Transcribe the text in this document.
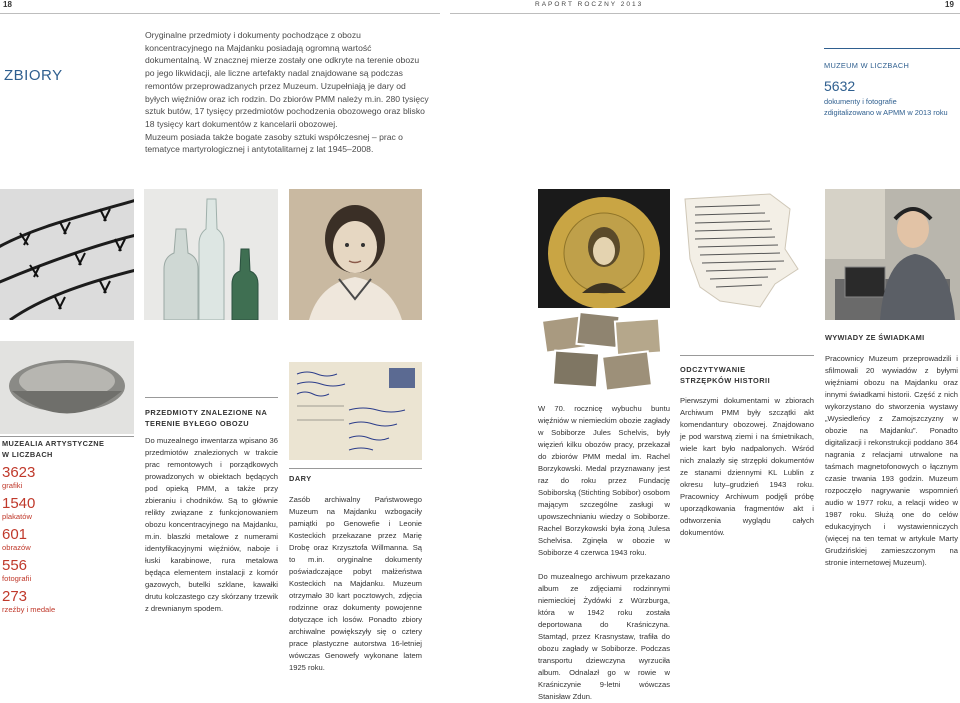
18	RAPORT ROCZNY 2013	19
ZBIORY

Oryginalne przedmioty i dokumenty pochodzące z obozu koncentracyjnego na Majdanku posiadają ogromną wartość dokumentalną. W znacznej mierze zostały one odkryte na terenie obozu po jego likwidacji, ale liczne artefakty nadal znajdowane są podczas remontów przeprowadzanych przez Muzeum. Uzupełniają je dary od byłych więźniów oraz ich rodzin. Do zbiorów PMM należy m.in. 280 tysięcy sztuk butów, 17 tysięcy przedmiotów pochodzenia obozowego oraz blisko 18 tysięcy kart dokumentów z kancelarii obozowej.

Muzeum posiada także bogate zasoby sztuki współczesnej – prac o tematyce martyrologicznej i antytotalitarnej z lat 1945–2008.

MUZEUM W LICZBACH
5632
dokumenty i fotografie
zdigitalizowano w APMM w 2013 roku
WYWIADY ZE ŚWIADKAMI
MUZEALIA ARTYSTYCZNE
W LICZBACH
3623
grafiki
1540
plakatów
601
obrazów
556
fotografii
273
rzeźby i medale
PRZEDMIOTY ZNALEZIONE NA
TERENIE BYŁEGO OBOZU
Do muzealnego inwentarza wpisano 36 przedmiotów znalezionych w trakcie prac remontowych i porządkowych prowadzonych w obiektach będących pod opieką PMM, a także przy zbieraniu i chodników. Są to głównie relikty związane z funkcjonowaniem obozu koncentracyjnego na Majdanku, m.in. blaszki metalowe z numerami identyfikacyjnymi więźniów, naboje i łuski karabinowe, rura metalowa będąca elementem instalacji z komór gazowych, butelki szklane, kawałki drutu kolczastego czy skórzany trzewik z drewnianym spodem.
DARY
Zasób archiwalny Państwowego Muzeum na Majdanku wzbogaciły pamiątki po Genowefie i Leonie Kosteckich przekazane przez Marię Drobę oraz Krzysztofa Willmanna. Są to m.in. oryginalne dokumenty poświadczające pobyt małżeństwa Kosteckich na Majdanku. Muzeum otrzymało 30 kart pocztowych, zdjęcia rodzinne oraz dokumenty powojenne dotyczące ich losów. Ponadto zbiory archiwalne powiększyły się o cztery prace plastyczne autorstwa 16-letniej wówczas Genowefy wykonane latem 1925 roku.
W 70. rocznicę wybuchu buntu więźniów w niemieckim obozie zagłady w Sobiborze Jules Schelvis, były więzień kilku obozów pracy, przekazał do zbiorów PMM medal im. Rachel Borzykowski. Medal przyznawany jest raz do roku przez Fundację Sobiborską (Stichting Sobibor) osobom mającym szczególne zasługi w upowszechnianiu wiedzy o Sobiborze. Rachel Borzykowski była żoną Julesa Schelvisa. Zginęła w obozie w Sobiborze 4 czerwca 1943 roku.
Do muzealnego archiwum przekazano album ze zdjęciami rodzinnymi niemieckiej Żydówki z Würzburga, która w 1942 roku została deportowana do Kraśniczyna. Stamtąd, przez Krasnystaw, trafiła do obozu zagłady w Sobiborze. Podczas transportu dziewczyna wyrzuciła album. Odnalazł go w rowie w Kraśniczynie 9-letni wówczas Stanisław Zdun.
ODCZYTYWANIE
STRZĘPKÓW HISTORII
Pierwszymi dokumentami w zbiorach Archiwum PMM były szczątki akt komendantury obozowej. Znajdowano je pod warstwą ziemi i na śmietnikach, wiele kart było nadpalonych. Wśród nich znalazły się strzępki dokumentów ze stanami dziennymi KL Lublin z okresu luty–grudzień 1943 roku. Pracownicy Archiwum podjęli próbę uporządkowania fragmentów akt i odtworzenia wyglądu całych dokumentów.
Pracownicy Muzeum przeprowadzili i sfilmowali 20 wywiadów z byłymi więźniami obozu na Majdanku oraz innymi świadkami historii. Część z nich wykorzystano do stworzenia wystawy „Wysiedleńcy z Zamojszczyzny w obozie na Majdanku”. Ponadto digitalizacji i rekonstrukcji poddano 364 nagrania z relacjami utrwalone na taśmach magnetofonowych o łącznym czasie trwania 193 godzin. Muzeum rozpoczęło nagrywanie wspomnień audio w 1977 roku, a relacji wideo w 1987 roku. Służą one do celów edukacyjnych i wystawienniczych (więcej na ten temat w artykule Marty Grudzińskiej zamieszczonym na stronie internetowej Muzeum).
